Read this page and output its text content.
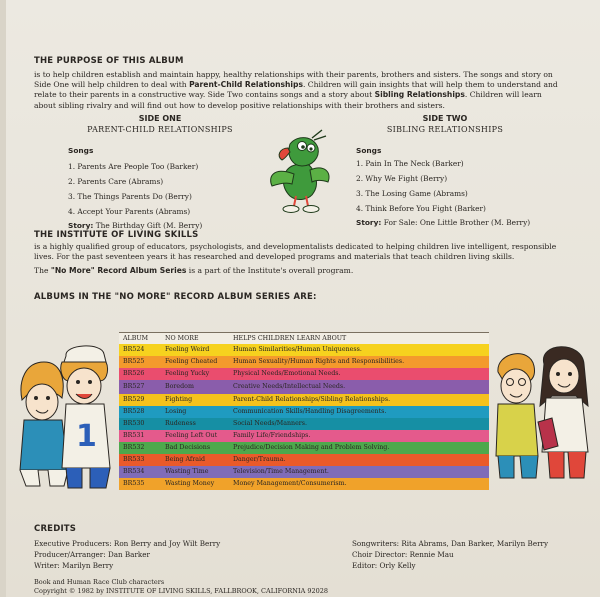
THE PURPOSE OF THIS ALBUM
is to help children establish and maintain happy, healthy relationships with their parents, brothers and sisters. The songs and story on Side One will help children to deal with Parent-Child Relationships. Children will gain insights that will help them to understand and relate to their parents in a constructive way. Side Two contains songs and a story about Sibling Relationships. Children will learn about sibling rivalry and will find out how to develop positive relationships with their brothers and sisters.
SIDE ONE
PARENT-CHILD RELATIONSHIPS
Songs
1. Parents Are People Too (Barker)
2. Parents Care (Abrams)
3. The Things Parents Do (Berry)
4. Accept Your Parents (Abrams)
Story: The Birthday Gift (M. Berry)
SIDE TWO
SIBLING RELATIONSHIPS
Songs
1. Pain In The Neck (Barker)
2. Why We Fight (Berry)
3. The Losing Game (Abrams)
4. Think Before You Fight (Barker)
Story: For Sale: One Little Brother (M. Berry)
THE INSTITUTE OF LIVING SKILLS
is a highly qualified group of educators, psychologists, and developmentalists dedicated to helping children live intelligent, responsible lives. For the past seventeen years it has researched and developed programs and materials that teach children living skills.
The "No More" Record Album Series is a part of the Institute's overall program.
ALBUMS IN THE "NO MORE" RECORD ALBUM SERIES ARE:
1
ALBUM	NO MORE	HELPS CHILDREN LEARN ABOUT
BR524	Feeling Weird	Human Similarities/Human Uniqueness.
BR525	Feeling Cheated	Human Sexuality/Human Rights and Responsibilities.
BR526	Feeling Yucky	Physical Needs/Emotional Needs.
BR527	Boredom	Creative Needs/Intellectual Needs.
BR529	Fighting	Parent-Child Relationships/Sibling Relationships.
BR528	Losing	Communication Skills/Handling Disagreements.
BR530	Rudeness	Social Needs/Manners.
BR531	Feeling Left Out	Family Life/Friendships.
BR532	Bad Decisions	Prejudice/Decision Making and Problem Solving.
BR533	Being Afraid	Danger/Trauma.
BR534	Wasting Time	Television/Time Management.
BR535	Wasting Money	Money Management/Consumerism.
CREDITS
Executive Producers: Ron Berry and Joy Wilt Berry
Producer/Arranger: Dan Barker
Writer: Marilyn Berry
Songwriters: Rita Abrams, Dan Barker, Marilyn Berry
Choir Director: Rennie Mau
Editor: Orly Kelly
Book and Human Race Club characters
Copyright © 1982 by INSTITUTE OF LIVING SKILLS, FALLBROOK, CALIFORNIA 92028
